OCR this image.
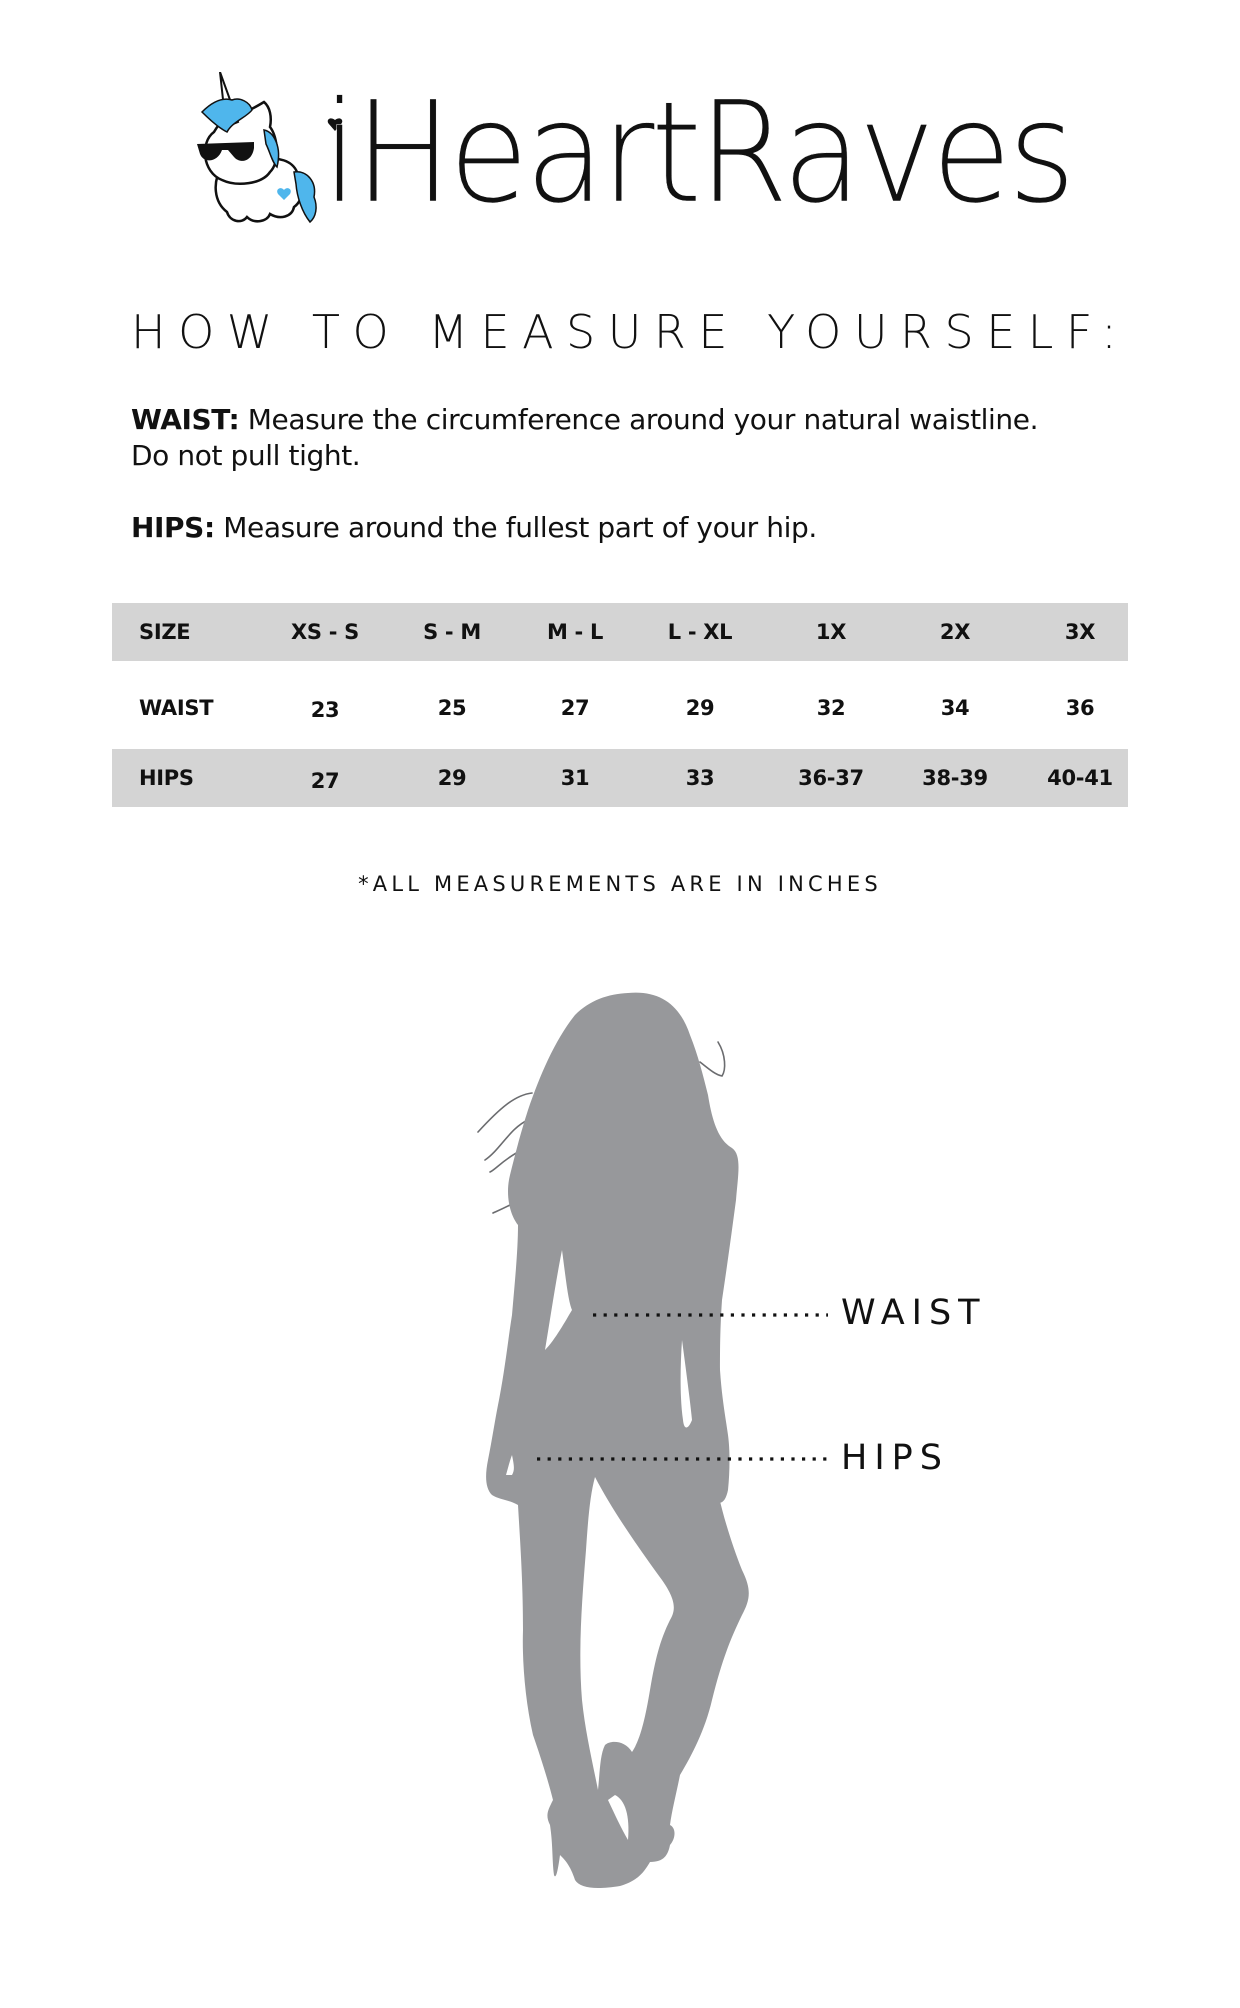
iHeartRaves
HOW TO MEASURE YOURSELF:
WAIST: Measure the circumference around your natural waistline.
Do not pull tight.
HIPS: Measure around the fullest part of your hip.
SIZE	XS - S	S - M	M - L	L - XL	1X	2X	3X
WAIST	23	25	27	29	32	34	36
HIPS	27	29	31	33	36-37	38-39	40-41
*ALL MEASUREMENTS ARE IN INCHES
WAIST
HIPS
